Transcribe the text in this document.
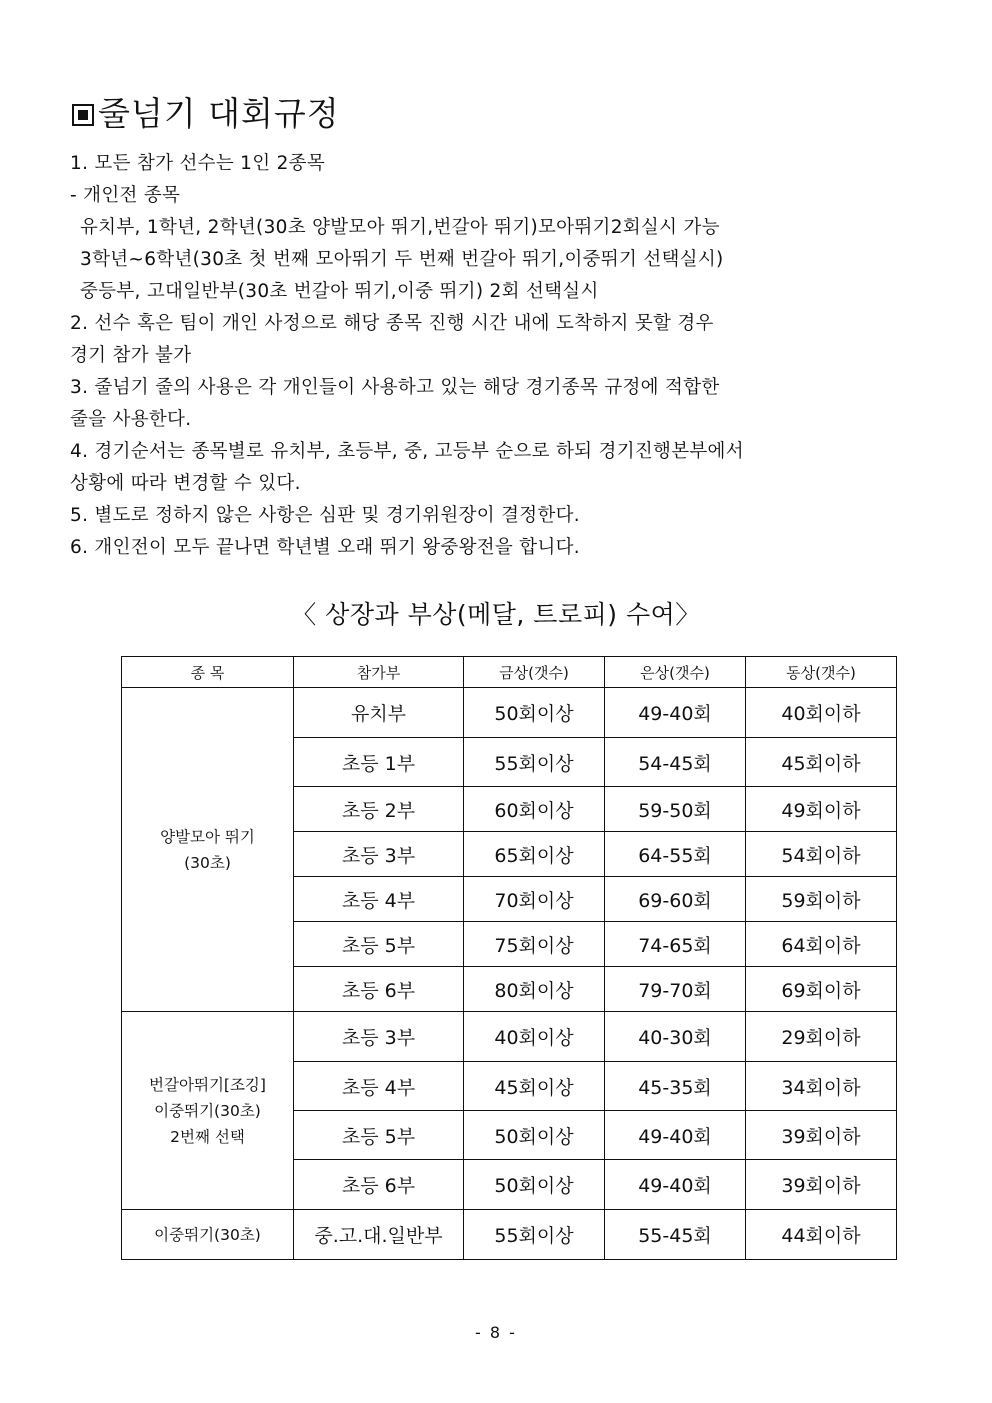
줄넘기 대회규정
1. 모든 참가 선수는 1인 2종목
- 개인전 종목
유치부, 1학년, 2학년(30초 양발모아 뛰기,번갈아 뛰기)모아뛰기2회실시 가능
3학년~6학년(30초 첫 번째 모아뛰기 두 번째 번갈아 뛰기,이중뛰기 선택실시)
중등부, 고대일반부(30초 번갈아 뛰기,이중 뛰기) 2회 선택실시
2. 선수 혹은 팀이 개인 사정으로 해당 종목 진행 시간 내에 도착하지 못할 경우
경기 참가 불가
3. 줄넘기 줄의 사용은 각 개인들이 사용하고 있는 해당 경기종목 규정에 적합한
줄을 사용한다.
4. 경기순서는 종목별로 유치부, 초등부, 중, 고등부 순으로 하되 경기진행본부에서
상황에 따라 변경할 수 있다.
5. 별도로 정하지 않은 사항은 심판 및 경기위원장이 결정한다.
6. 개인전이 모두 끝나면 학년별 오래 뛰기 왕중왕전을 합니다.
〈 상장과 부상(메달, 트로피) 수여〉
종 목	참가부	금상(갯수)	은상(갯수)	동상(갯수)

양발모아 뛰기
(30초)	유치부	50회이상	49-40회	40회이하
	초등 1부	55회이상	54-45회	45회이하
	초등 2부	60회이상	59-50회	49회이하
	초등 3부	65회이상	64-55회	54회이하
	초등 4부	70회이상	69-60회	59회이하
	초등 5부	75회이상	74-65회	64회이하
	초등 6부	80회이상	79-70회	69회이하

번갈아뛰기[조깅]
이중뛰기(30초)
2번째 선택	초등 3부	40회이상	40-30회	29회이하
	초등 4부	45회이상	45-35회	34회이하
	초등 5부	50회이상	49-40회	39회이하
	초등 6부	50회이상	49-40회	39회이하

이중뛰기(30초)	중.고.대.일반부	55회이상	55-45회	44회이하
- 8 -
